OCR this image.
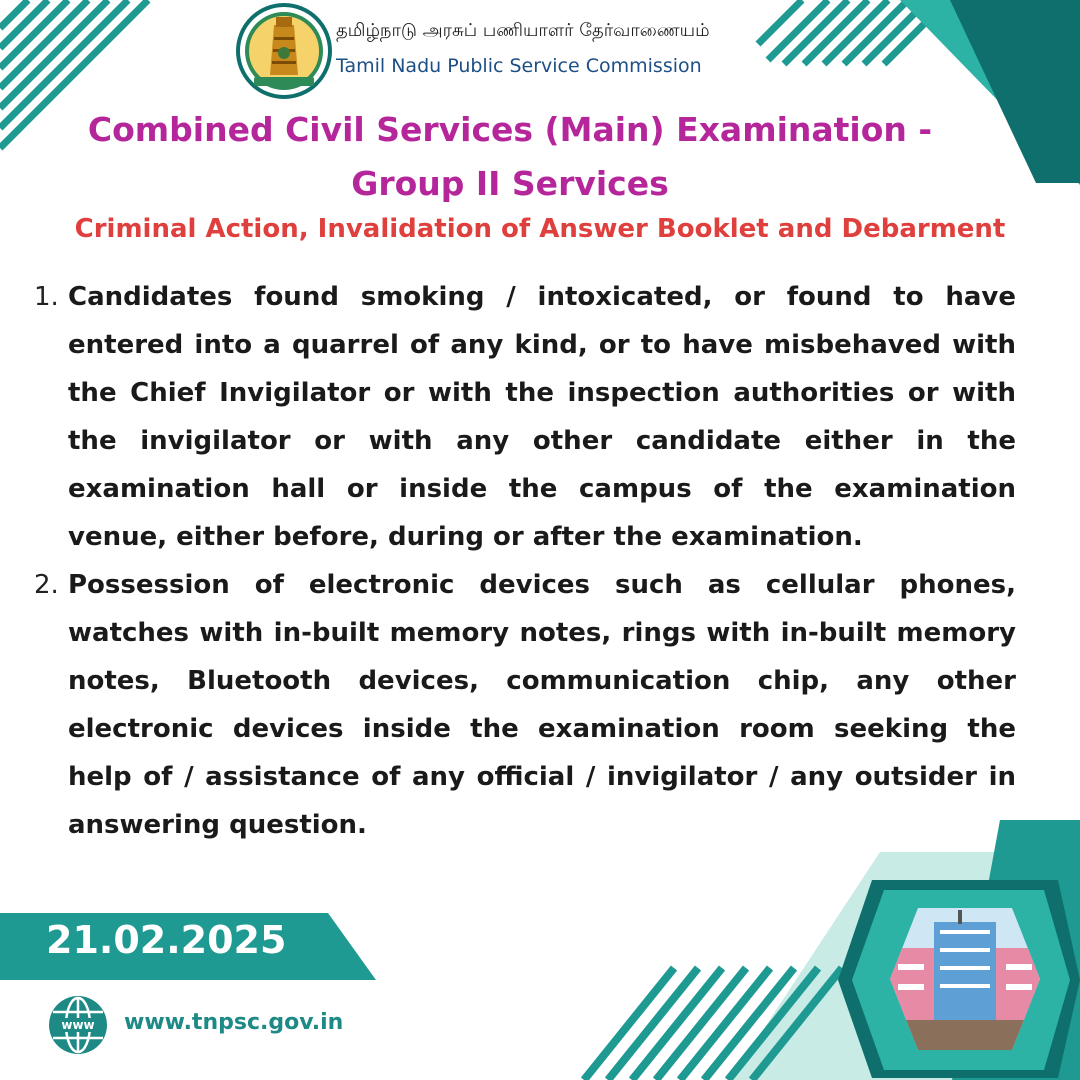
தமிழ்நாடு அரசுப் பணியாளர் தேர்வாணையம்
Tamil Nadu Public Service Commission
Combined Civil Services (Main) Examination -
Group II Services
Criminal Action, Invalidation of Answer Booklet and Debarment
1. Candidates found smoking / intoxicated, or found to have entered into a quarrel of any kind, or to have misbehaved with the Chief Invigilator or with the inspection authorities or with the invigilator or with any other candidate either in the examination hall or inside the campus of the examination venue, either before, during or after the examination.
2. Possession of electronic devices such as cellular phones, watches with in-built memory notes, rings with in-built memory notes, Bluetooth devices, communication chip, any other electronic devices inside the examination room seeking the help of / assistance of any official / invigilator / any outsider in answering question.
21.02.2025
www www.tnpsc.gov.in
